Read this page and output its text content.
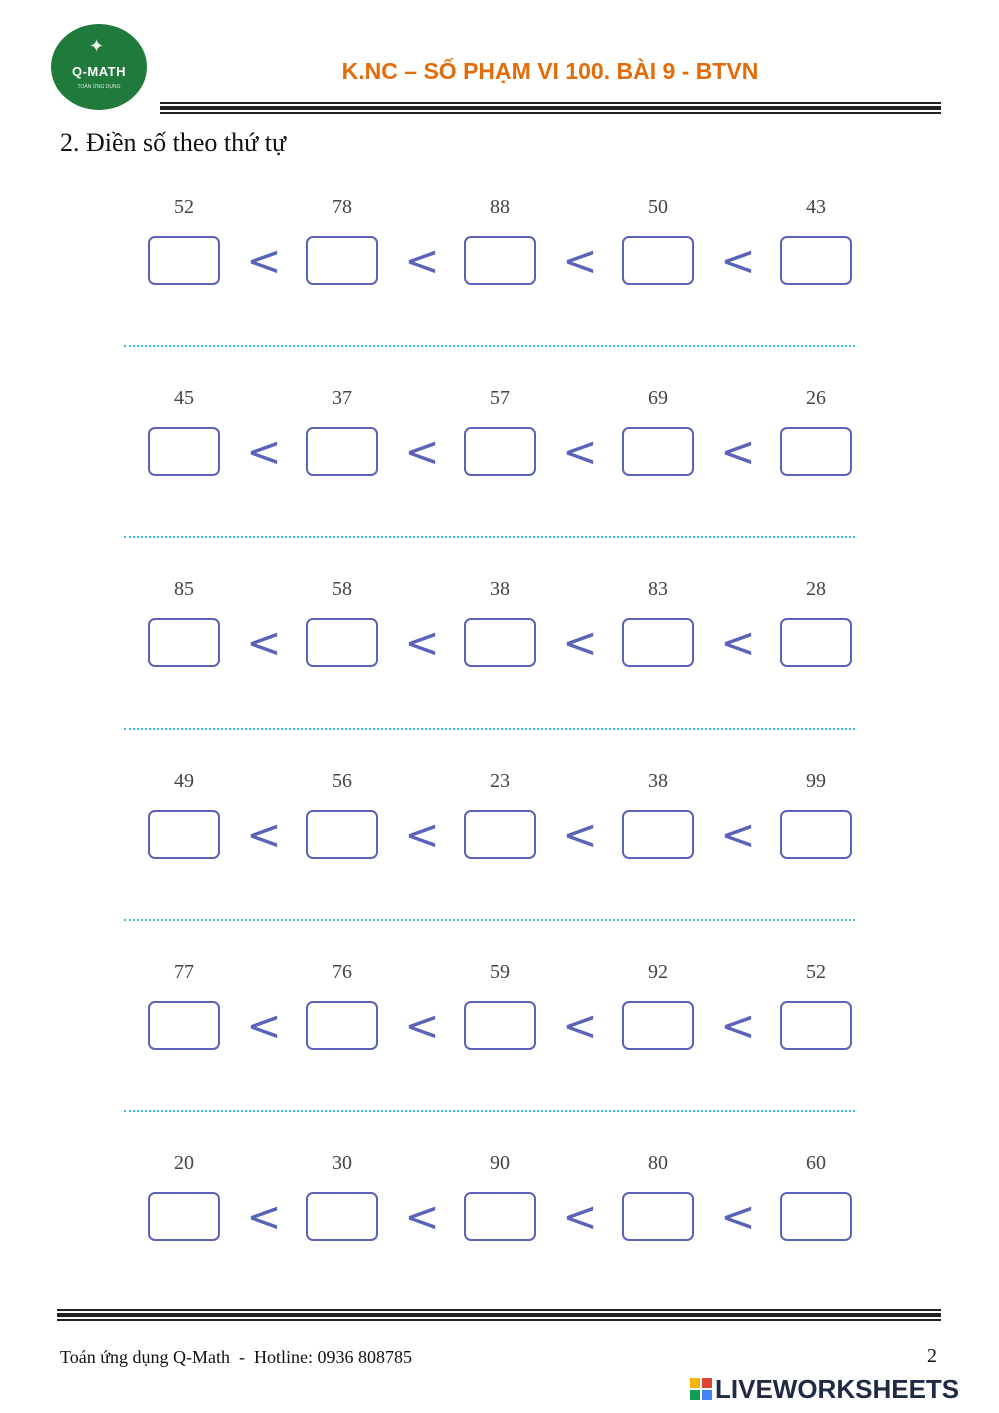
✦
Q-MATH
TOÁN ỨNG DỤNG
K.NC – SỐ PHẠM VI 100. BÀI 9 - BTVN
2. Điền số theo thứ tự
52
<
78
<
88
<
50
<
43
45
<
37
<
57
<
69
<
26
85
<
58
<
38
<
83
<
28
49
<
56
<
23
<
38
<
99
77
<
76
<
59
<
92
<
52
20
<
30
<
90
<
80
<
60
Toán ứng dụng Q-Math  -  Hotline: 0936 808785	2
LIVEWORKSHEETS
